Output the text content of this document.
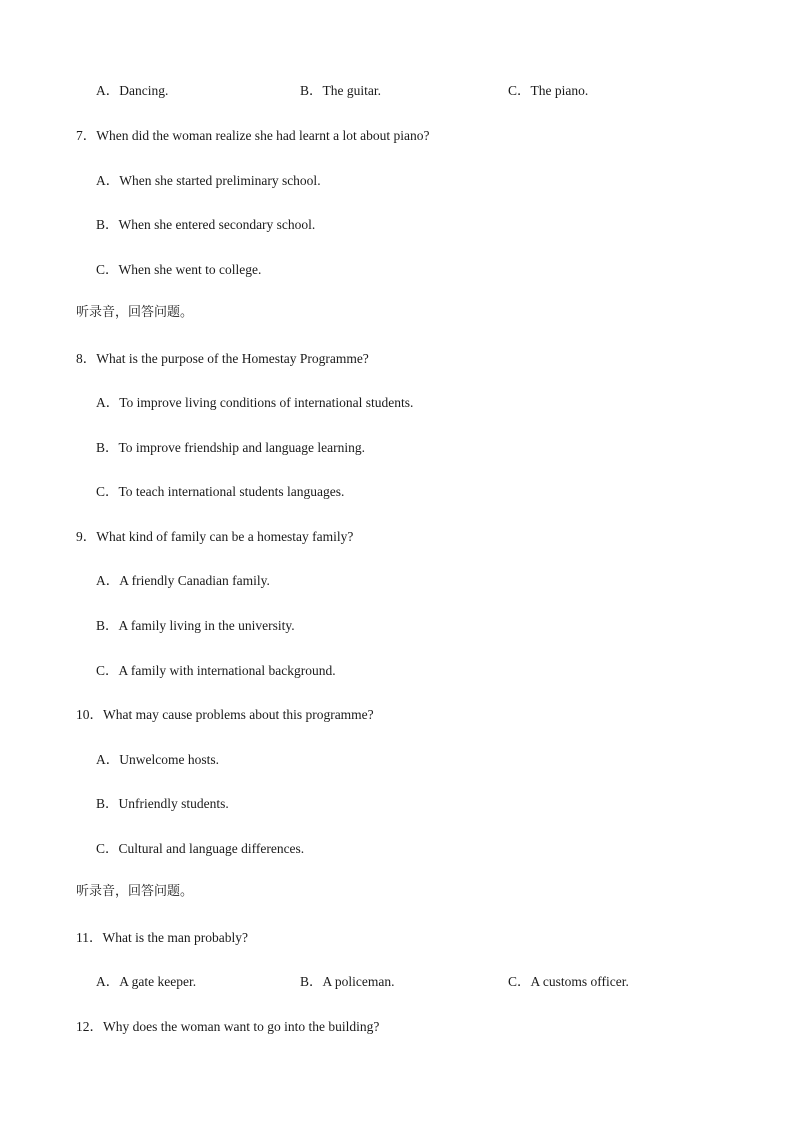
A．Dancing.	B．The guitar.	C．The piano.
7．When did the woman realize she had learnt a lot about piano?
A．When she started preliminary school.
B．When she entered secondary school.
C．When she went to college.
听录音，回答问题。
8．What is the purpose of the Homestay Programme?
A．To improve living conditions of international students.
B．To improve friendship and language learning.
C．To teach international students languages.
9．What kind of family can be a homestay family?
A．A friendly Canadian family.
B．A family living in the university.
C．A family with international background.
10．What may cause problems about this programme?
A．Unwelcome hosts.
B．Unfriendly students.
C．Cultural and language differences.
听录音，回答问题。
11．What is the man probably?
A．A gate keeper.	B．A policeman.	C．A customs officer.
12．Why does the woman want to go into the building?
